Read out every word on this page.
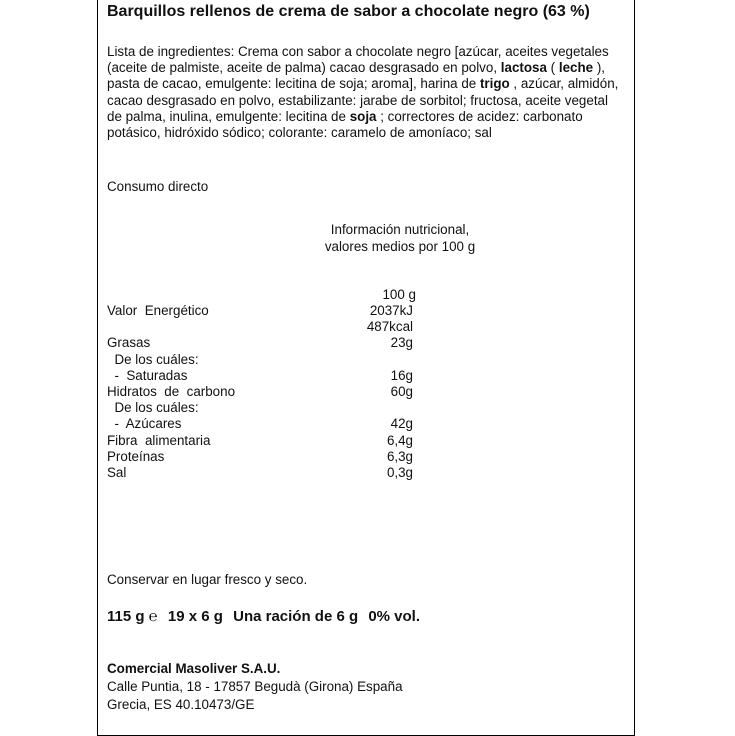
Barquillos rellenos de crema de sabor a chocolate negro (63 %)
Lista de ingredientes: Crema con sabor a chocolate negro [azúcar, aceites vegetales (aceite de palmiste, aceite de palma) cacao desgrasado en polvo, lactosa ( leche ), pasta de cacao, emulgente: lecitina de soja; aroma], harina de trigo , azúcar, almidón, cacao desgrasado en polvo, estabilizante: jarabe de sorbitol; fructosa, aceite vegetal de palma, inulina, emulgente: lecitina de soja ; correctores de acidez: carbonato potásico, hidróxido sódico; colorante: caramelo de amoníaco; sal
Consumo directo
Información nutricional,
valores medios por 100 g
100 g
Valor  Energético	2037kJ
487kcal
Grasas	23g
De los cuáles:
-  Saturadas	16g
Hidratos  de  carbono	60g
De los cuáles:
-  Azúcares	42g
Fibra  alimentaria	6,4g
Proteínas	6,3g
Sal	0,3g
Conservar en lugar fresco y seco.
115 g ℮ 19 x 6 g Una ración de 6 g 0% vol.
Comercial Masoliver S.A.U.
Calle Puntia, 18 - 17857 Begudà (Girona) España
Grecia, ES 40.10473/GE
